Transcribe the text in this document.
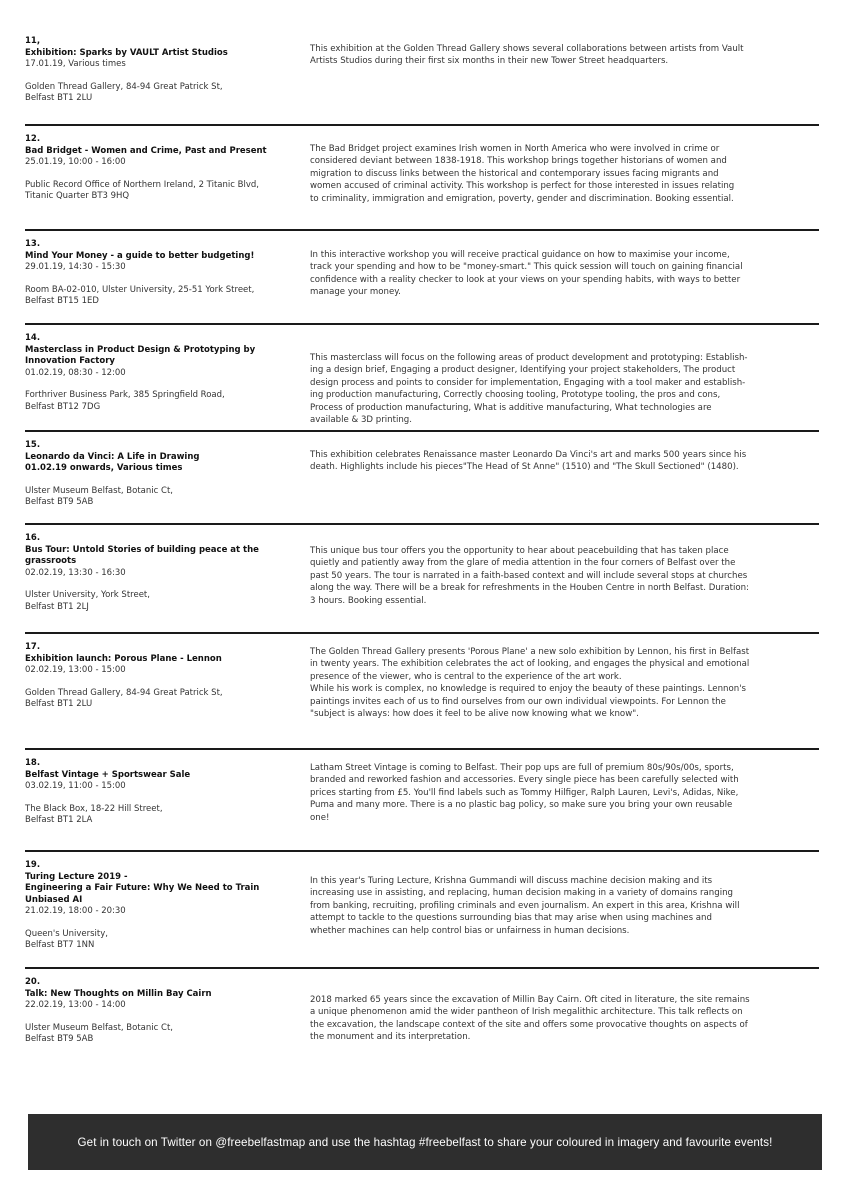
11,
Exhibition: Sparks by VAULT Artist Studios
17.01.19, Various times
Golden Thread Gallery, 84-94 Great Patrick St,
Belfast BT1 2LU
This exhibition at the Golden Thread Gallery shows several collaborations between artists from Vault
Artists Studios during their first six months in their new Tower Street headquarters.
12.
Bad Bridget - Women and Crime, Past and Present
25.01.19, 10:00 - 16:00
Public Record Office of Northern Ireland, 2 Titanic Blvd,
Titanic Quarter BT3 9HQ
The Bad Bridget project examines Irish women in North America who were involved in crime or
considered deviant between 1838-1918. This workshop brings together historians of women and
migration to discuss links between the historical and contemporary issues facing migrants and
women accused of criminal activity. This workshop is perfect for those interested in issues relating
to criminality, immigration and emigration, poverty, gender and discrimination. Booking essential.
13.
Mind Your Money - a guide to better budgeting!
29.01.19, 14:30 - 15:30
Room BA-02-010, Ulster University, 25-51 York Street,
Belfast BT15 1ED
In this interactive workshop you will receive practical guidance on how to maximise your income,
track your spending and how to be "money-smart." This quick session will touch on gaining financial
confidence with a reality checker to look at your views on your spending habits, with ways to better
manage your money.
14.
Masterclass in Product Design & Prototyping by
Innovation Factory
01.02.19, 08:30 - 12:00
Forthriver Business Park, 385 Springfield Road,
Belfast BT12 7DG
This masterclass will focus on the following areas of product development and prototyping: Establish-
ing a design brief, Engaging a product designer, Identifying your project stakeholders, The product
design process and points to consider for implementation, Engaging with a tool maker and establish-
ing production manufacturing, Correctly choosing tooling, Prototype tooling, the pros and cons,
Process of production manufacturing, What is additive manufacturing, What technologies are
available & 3D printing.
15.
Leonardo da Vinci: A Life in Drawing
01.02.19 onwards, Various times
Ulster Museum Belfast, Botanic Ct,
Belfast BT9 5AB
This exhibition celebrates Renaissance master Leonardo Da Vinci's art and marks 500 years since his
death. Highlights include his pieces"The Head of St Anne" (1510) and "The Skull Sectioned" (1480).
16.
Bus Tour: Untold Stories of building peace at the
grassroots
02.02.19, 13:30 - 16:30
Ulster University, York Street,
Belfast BT1 2LJ
This unique bus tour offers you the opportunity to hear about peacebuilding that has taken place
quietly and patiently away from the glare of media attention in the four corners of Belfast over the
past 50 years. The tour is narrated in a faith-based context and will include several stops at churches
along the way. There will be a break for refreshments in the Houben Centre in north Belfast. Duration:
3 hours. Booking essential.
17.
Exhibition launch: Porous Plane - Lennon
02.02.19, 13:00 - 15:00
Golden Thread Gallery, 84-94 Great Patrick St,
Belfast BT1 2LU
The Golden Thread Gallery presents 'Porous Plane' a new solo exhibition by Lennon, his first in Belfast
in twenty years. The exhibition celebrates the act of looking, and engages the physical and emotional
presence of the viewer, who is central to the experience of the art work.
While his work is complex, no knowledge is required to enjoy the beauty of these paintings. Lennon's
paintings invites each of us to find ourselves from our own individual viewpoints. For Lennon the
"subject is always: how does it feel to be alive now knowing what we know".
18.
Belfast Vintage + Sportswear Sale
03.02.19, 11:00 - 15:00
The Black Box, 18-22 Hill Street,
Belfast BT1 2LA
Latham Street Vintage is coming to Belfast. Their pop ups are full of premium 80s/90s/00s, sports,
branded and reworked fashion and accessories. Every single piece has been carefully selected with
prices starting from £5. You'll find labels such as Tommy Hilfiger, Ralph Lauren, Levi's, Adidas, Nike,
Puma and many more. There is a no plastic bag policy, so make sure you bring your own reusable
one!
19.
Turing Lecture 2019 -
Engineering a Fair Future: Why We Need to Train
Unbiased AI
21.02.19, 18:00 - 20:30
Queen's University,
Belfast BT7 1NN
In this year's Turing Lecture, Krishna Gummandi will discuss machine decision making and its
increasing use in assisting, and replacing, human decision making in a variety of domains ranging
from banking, recruiting, profiling criminals and even journalism. An expert in this area, Krishna will
attempt to tackle to the questions surrounding bias that may arise when using machines and
whether machines can help control bias or unfairness in human decisions.
20.
Talk: New Thoughts on Millin Bay Cairn
22.02.19, 13:00 - 14:00
Ulster Museum Belfast, Botanic Ct,
Belfast BT9 5AB
2018 marked 65 years since the excavation of Millin Bay Cairn. Oft cited in literature, the site remains
a unique phenomenon amid the wider pantheon of Irish megalithic architecture. This talk reflects on
the excavation, the landscape context of the site and offers some provocative thoughts on aspects of
the monument and its interpretation.
Get in touch on Twitter on @freebelfastmap and use the hashtag #freebelfast to share your coloured in imagery and favourite events!
